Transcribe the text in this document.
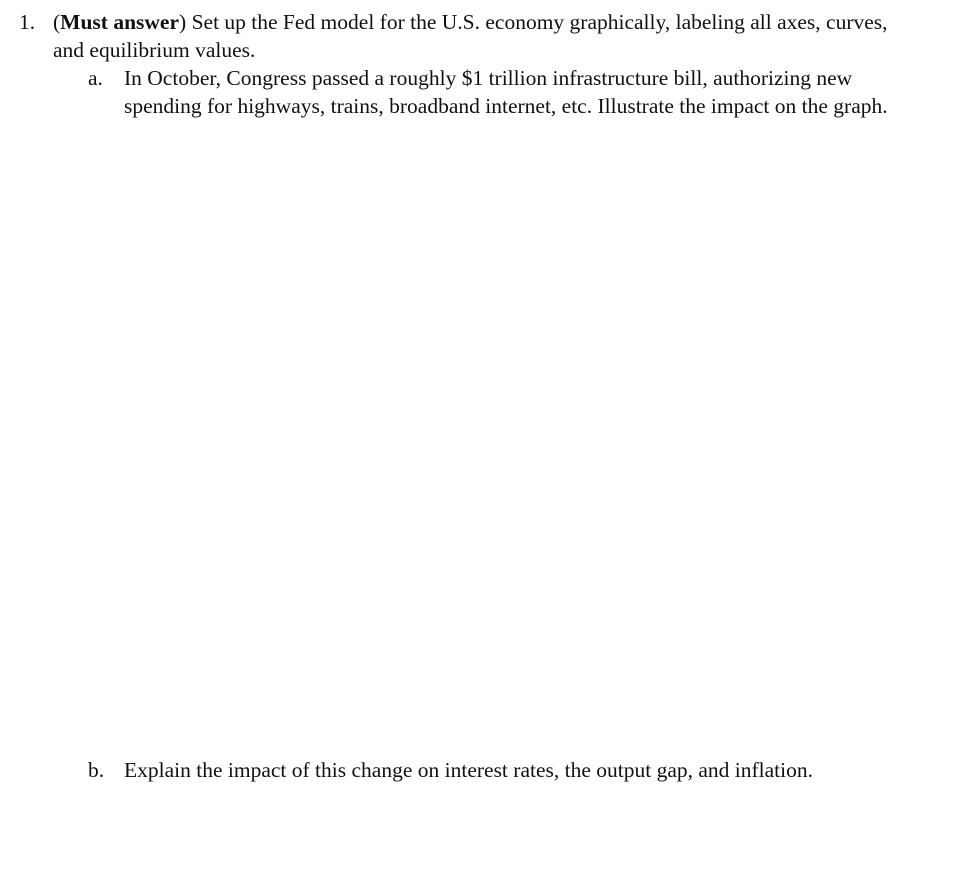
1. (Must answer) Set up the Fed model for the U.S. economy graphically, labeling all axes, curves, and equilibrium values.
a. In October, Congress passed a roughly $1 trillion infrastructure bill, authorizing new spending for highways, trains, broadband internet, etc. Illustrate the impact on the graph.
b. Explain the impact of this change on interest rates, the output gap, and inflation.
